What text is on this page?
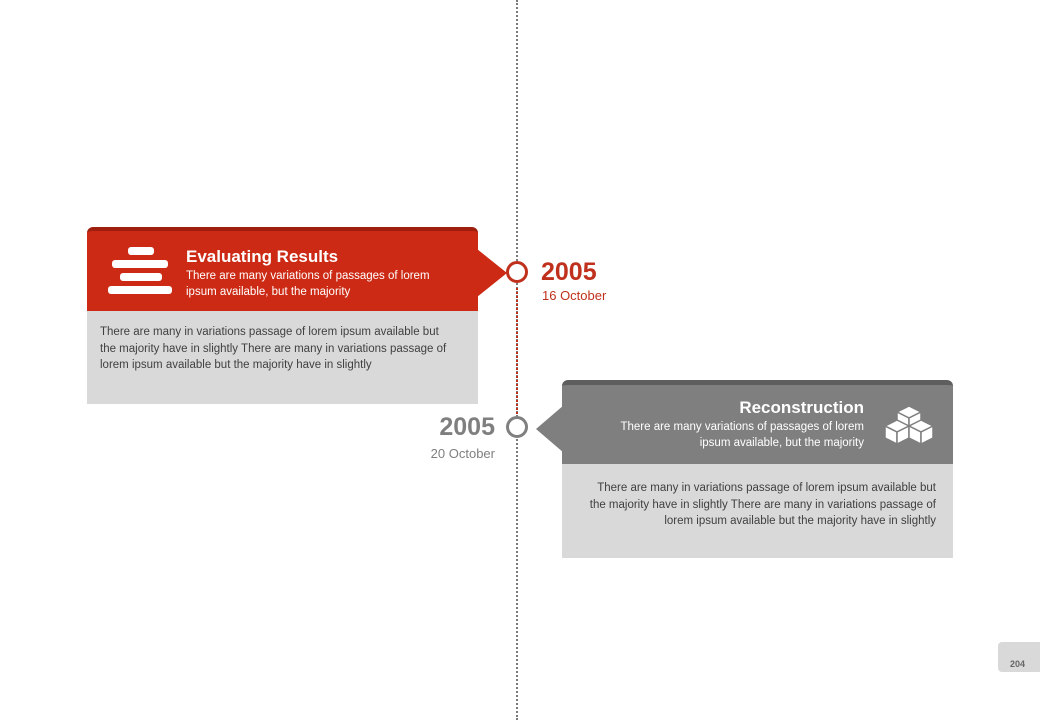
Evaluating Results
There are many variations of passages of lorem ipsum available, but the majority
There are many in variations passage of lorem ipsum available but the majority have in slightly There are many in variations passage of lorem ipsum available but the majority have in slightly
2005
16 October
Reconstruction
There are many variations of passages of lorem ipsum available, but the majority
There are many in variations passage of lorem ipsum available but the majority have in slightly There are many in variations passage of lorem ipsum available but the majority have in slightly
2005
20 October
204
